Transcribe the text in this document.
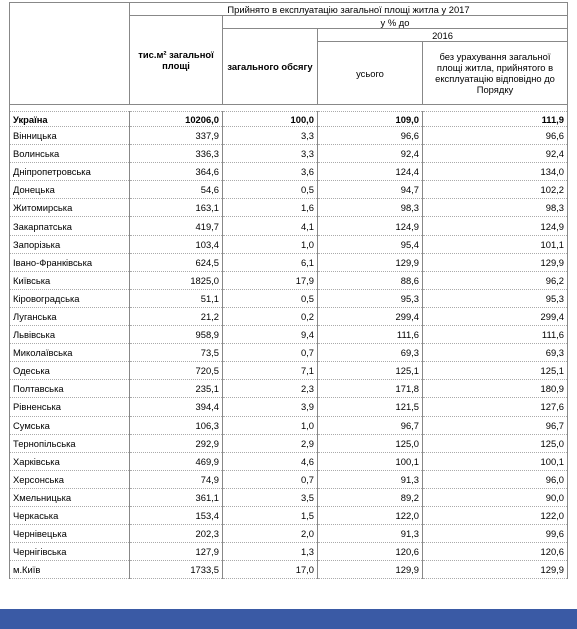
	Прийнято в експлуатацію загальної площі житла у 2017			
	тис.м² загальної площі	у % до		
		загального обсягу	2016	
			усього	без урахування загальної площі житла, прийнятого в експлуатацію відповідно до Порядку

Україна	10206,0	100,0	109,0	111,9
Вінницька	337,9	3,3	96,6	96,6
Волинська	336,3	3,3	92,4	92,4
Дніпропетровська	364,6	3,6	124,4	134,0
Донецька	54,6	0,5	94,7	102,2
Житомирська	163,1	1,6	98,3	98,3
Закарпатська	419,7	4,1	124,9	124,9
Запорізька	103,4	1,0	95,4	101,1
Івано-Франківська	624,5	6,1	129,9	129,9
Київська	1825,0	17,9	88,6	96,2
Кіровоградська	51,1	0,5	95,3	95,3
Луганська	21,2	0,2	299,4	299,4
Львівська	958,9	9,4	111,6	111,6
Миколаївська	73,5	0,7	69,3	69,3
Одеська	720,5	7,1	125,1	125,1
Полтавська	235,1	2,3	171,8	180,9
Рівненська	394,4	3,9	121,5	127,6
Сумська	106,3	1,0	96,7	96,7
Тернопільська	292,9	2,9	125,0	125,0
Харківська	469,9	4,6	100,1	100,1
Херсонська	74,9	0,7	91,3	96,0
Хмельницька	361,1	3,5	89,2	90,0
Черкаська	153,4	1,5	122,0	122,0
Чернівецька	202,3	2,0	91,3	99,6
Чернігівська	127,9	1,3	120,6	120,6
м.Київ	1733,5	17,0	129,9	129,9
